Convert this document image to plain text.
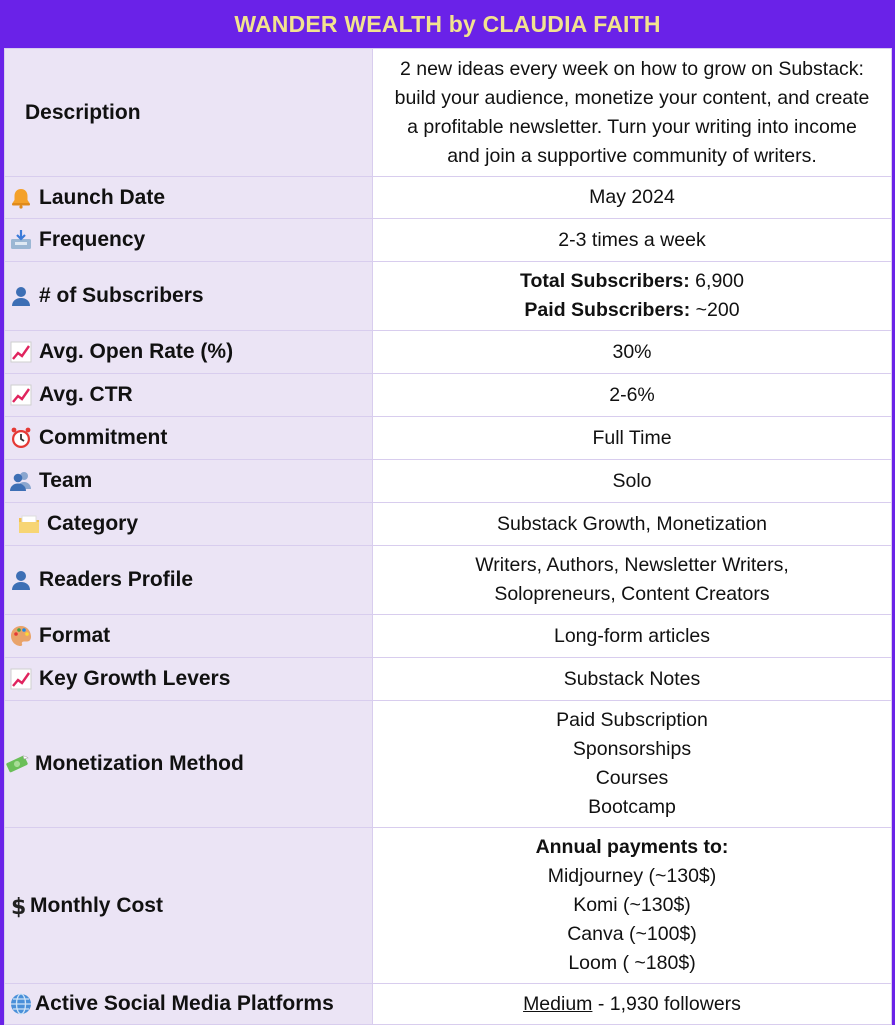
WANDER WEALTH by CLAUDIA FAITH
Description	2 new ideas every week on how to grow on Substack:
build your audience, monetize your content, and create
a profitable newsletter. Turn your writing into income
and join a supportive community of writers.

Launch Date	May 2024

Frequency	2-3 times a week

# of Subscribers	Total Subscribers: 6,900
Paid Subscribers: ~200

Avg. Open Rate (%)	30%

Avg. CTR	2-6%

Commitment	Full Time

Team	Solo

Category	Substack Growth, Monetization

Readers Profile	Writers, Authors, Newsletter Writers,
Solopreneurs, Content Creators

Format	Long-form articles

Key Growth Levers	Substack Notes

Monetization Method	Paid Subscription
Sponsorships
Courses
Bootcamp

$ Monthly Cost	Annual payments to:
Midjourney (~130$)
Komi (~130$)
Canva (~100$)
Loom ( ~180$)

Active Social Media Platforms	Medium - 1,930 followers
